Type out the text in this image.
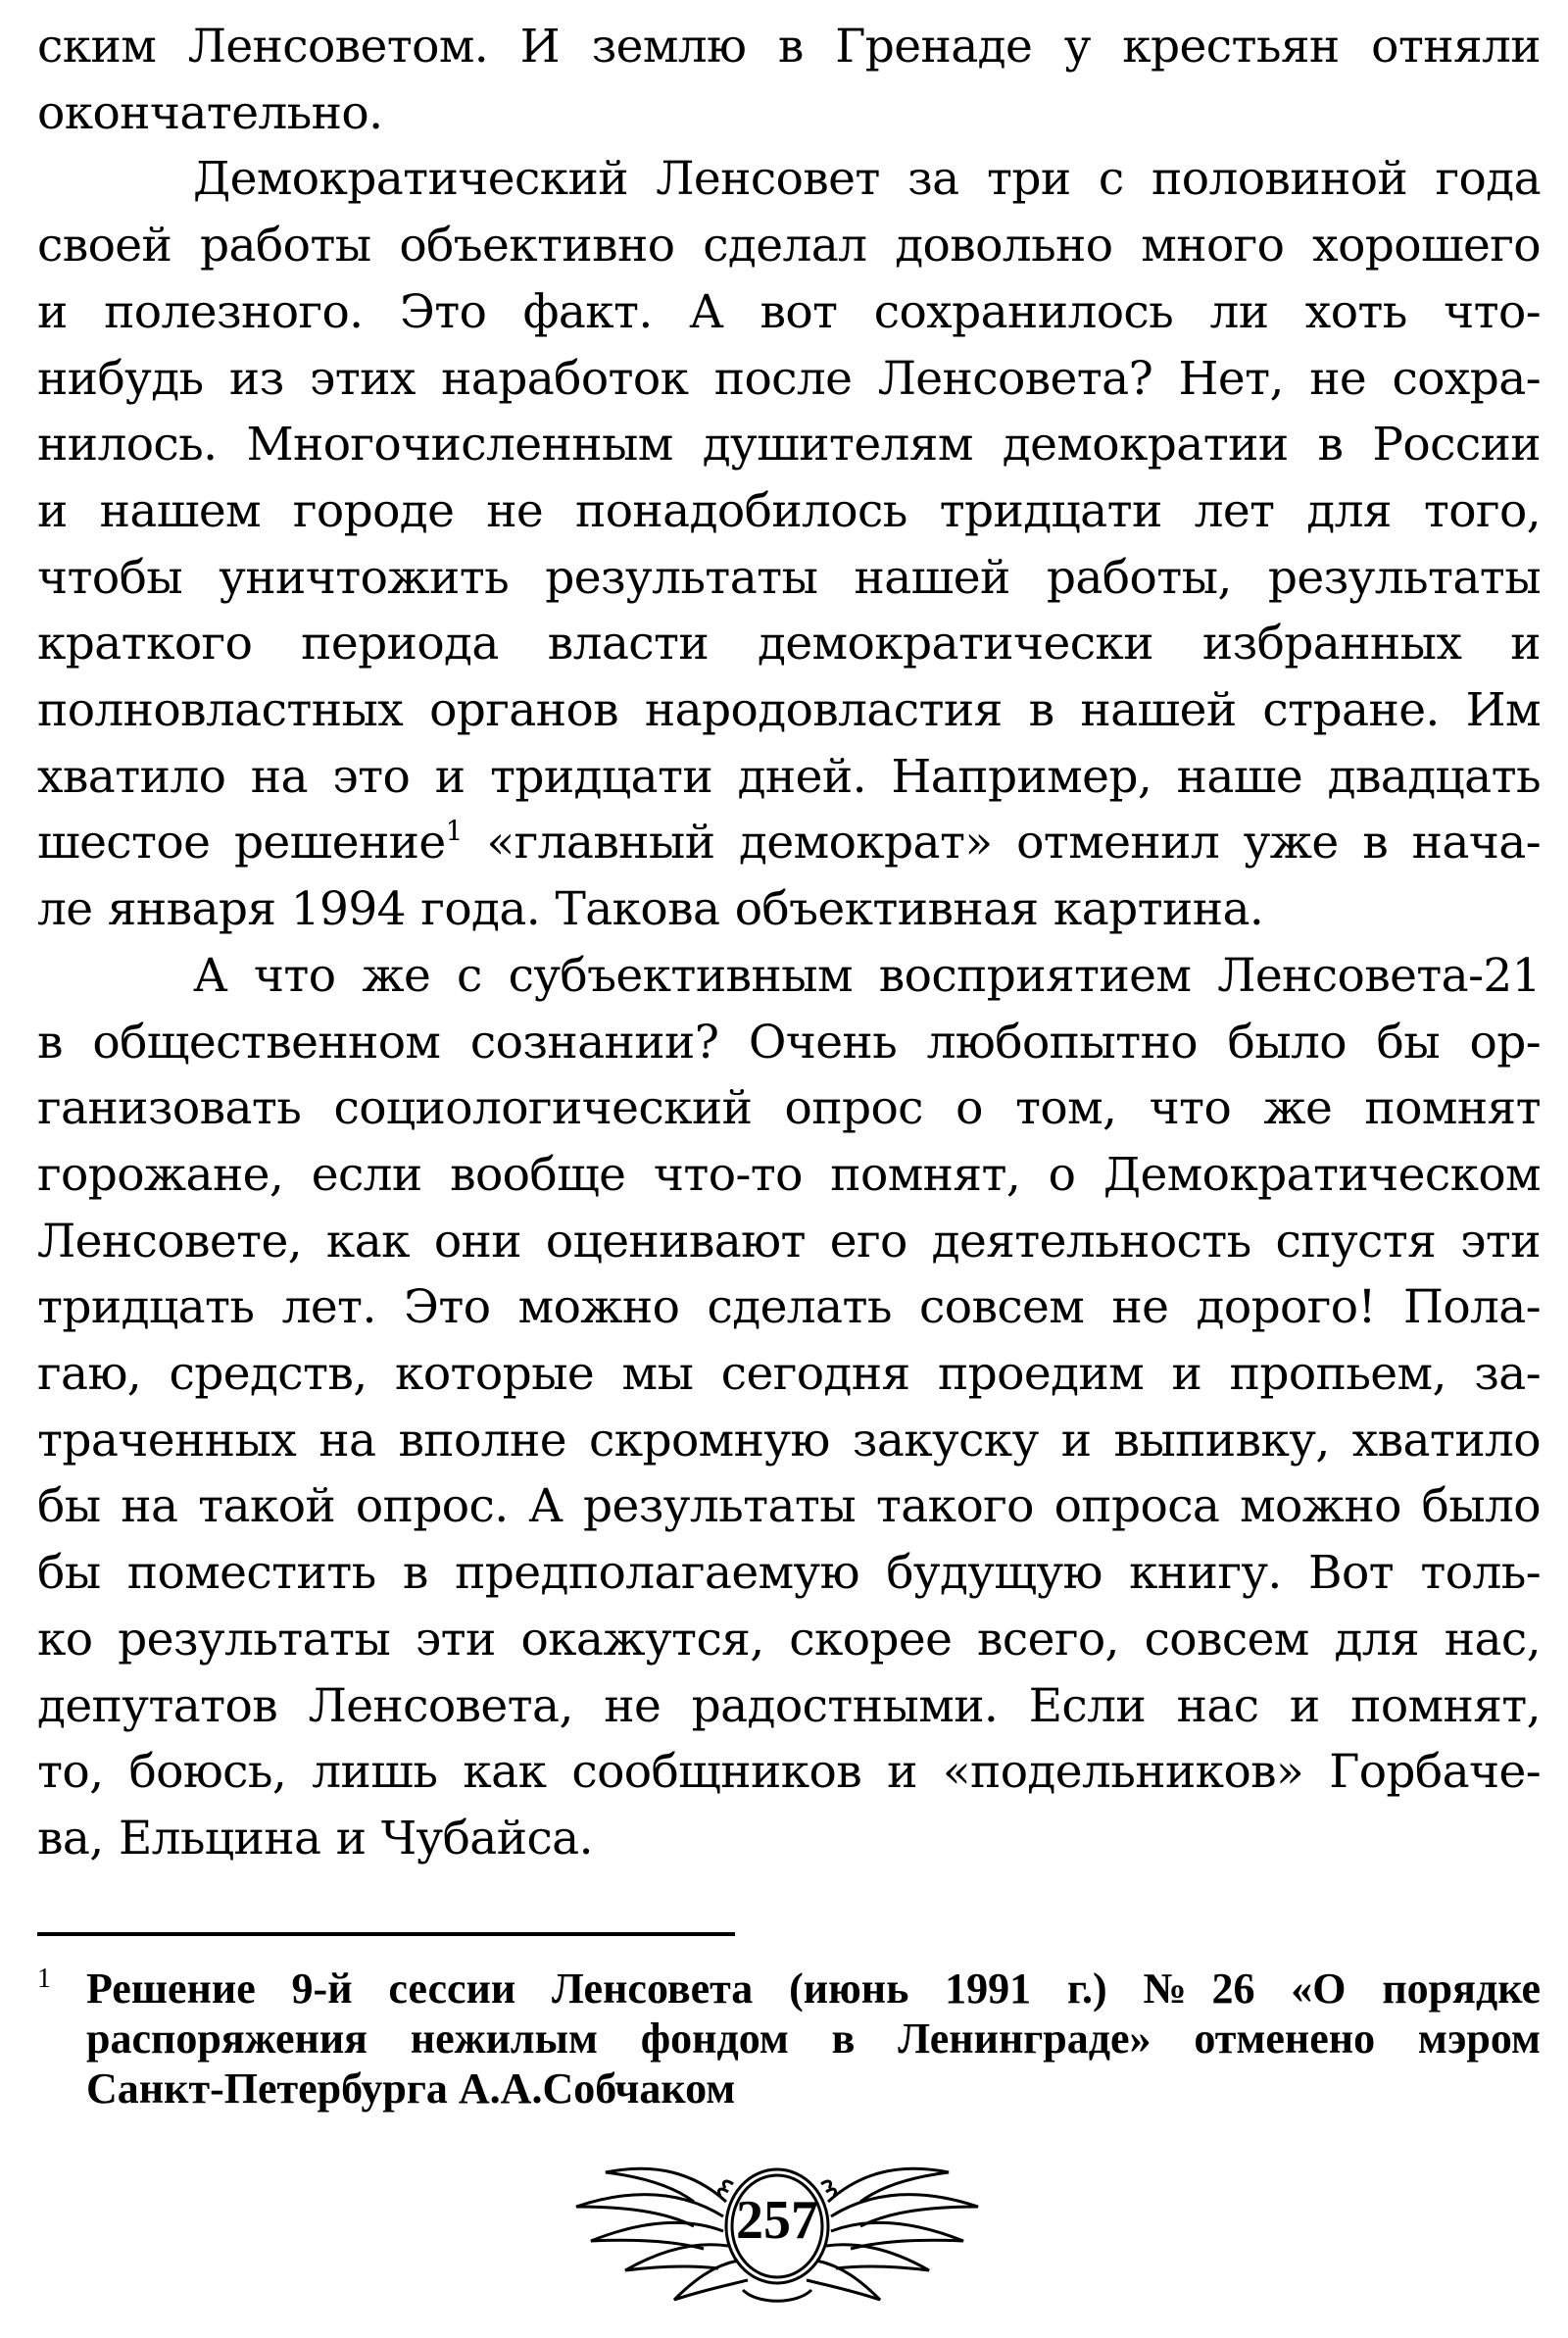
ским Ленсоветом. И землю в Гренаде у крестьян отняли
окончательно.

Демократический Ленсовет за три с половиной года
своей работы объективно сделал довольно много хорошего
и полезного. Это факт. А вот сохранилось ли хоть что-
нибудь из этих наработок после Ленсовета? Нет, не сохра-
нилось. Многочисленным душителям демократии в России
и нашем городе не понадобилось тридцати лет для того,
чтобы уничтожить результаты нашей работы, результаты
краткого периода власти демократически избранных и
полновластных органов народовластия в нашей стране. Им
хватило на это и тридцати дней. Например, наше двадцать
шестое решение$^1$ «главный демократ» отменил уже в нача-
ле января 1994 года. Такова объективная картина.

А что же с субъективным восприятием Ленсовета-21
в общественном сознании? Очень любопытно было бы ор-
ганизовать социологический опрос о том, что же помнят
горожане, если вообще что-то помнят, о Демократическом
Ленсовете, как они оценивают его деятельность спустя эти
тридцать лет. Это можно сделать совсем не дорого! Пола-
гаю, средств, которые мы сегодня проедим и пропьем, за-
траченных на вполне скромную закуску и выпивку, хватило
бы на такой опрос. А результаты такого опроса можно было
бы поместить в предполагаемую будущую книгу. Вот толь-
ко результаты эти окажутся, скорее всего, совсем для нас,
депутатов Ленсовета, не радостными. Если нас и помнят,
то, боюсь, лишь как сообщников и «подельников» Горбаче-
ва, Ельцина и Чубайса.

1 Решение 9-й сессии Ленсовета (июнь 1991 г.) №26 «О порядке
распоряжения нежилым фондом в Ленинграде» отменено мэром
Санкт-Петербурга А.А.Собчаком
257
